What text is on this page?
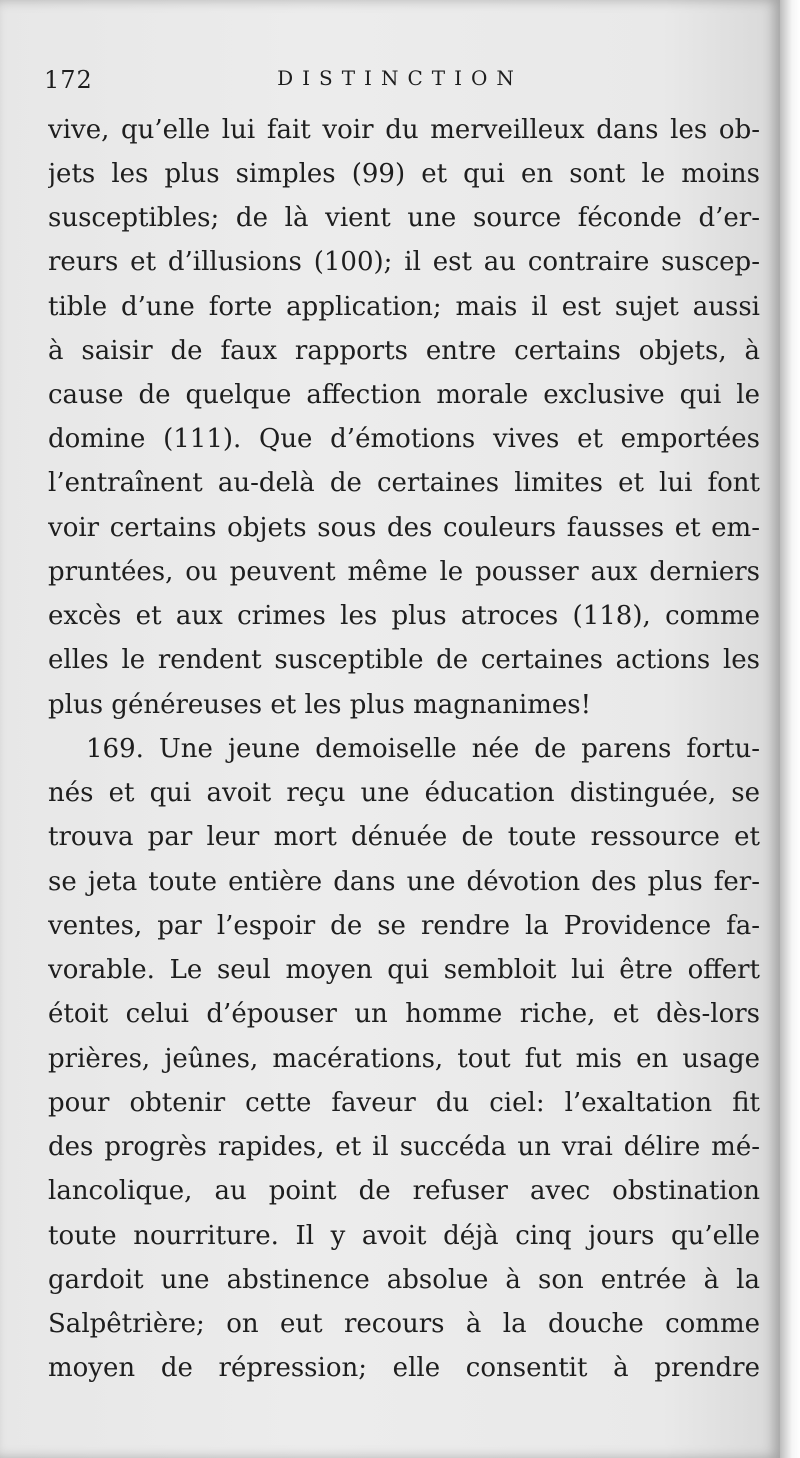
172	DISTINCTION
vive, qu’elle lui fait voir du merveilleux dans les ob-
jets les plus simples (99) et qui en sont le moins
susceptibles; de là vient une source féconde d’er-
reurs et d’illusions (100); il est au contraire suscep-
tible d’une forte application; mais il est sujet aussi
à saisir de faux rapports entre certains objets, à
cause de quelque affection morale exclusive qui le
domine (111). Que d’émotions vives et emportées
l’entraînent au-delà de certaines limites et lui font
voir certains objets sous des couleurs fausses et em-
pruntées, ou peuvent même le pousser aux derniers
excès et aux crimes les plus atroces (118), comme
elles le rendent susceptible de certaines actions les
plus généreuses et les plus magnanimes!
169. Une jeune demoiselle née de parens fortu-
nés et qui avoit reçu une éducation distinguée, se
trouva par leur mort dénuée de toute ressource et
se jeta toute entière dans une dévotion des plus fer-
ventes, par l’espoir de se rendre la Providence fa-
vorable. Le seul moyen qui sembloit lui être offert
étoit celui d’épouser un homme riche, et dès-lors
prières, jeûnes, macérations, tout fut mis en usage
pour obtenir cette faveur du ciel: l’exaltation fit
des progrès rapides, et il succéda un vrai délire mé-
lancolique, au point de refuser avec obstination
toute nourriture. Il y avoit déjà cinq jours qu’elle
gardoit une abstinence absolue à son entrée à la
Salpêtrière; on eut recours à la douche comme
moyen de répression; elle consentit à prendre
